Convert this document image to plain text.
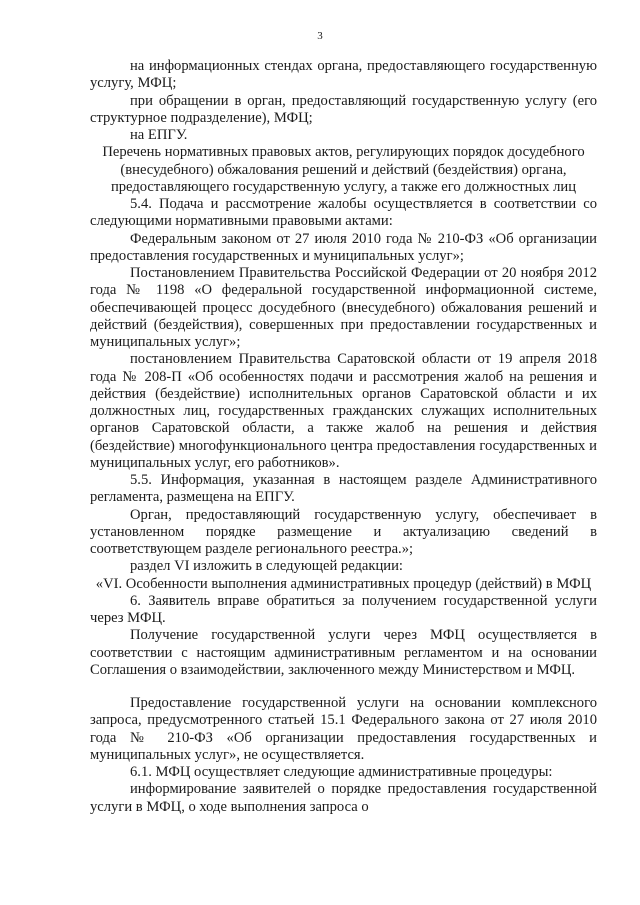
3

на информационных стендах органа, предоставляющего государственную услугу, МФЦ;

при обращении в орган, предоставляющий государственную услугу (его структурное подразделение), МФЦ;

на ЕПГУ.

Перечень нормативных правовых актов, регулирующих порядок досудебного (внесудебного) обжалования решений и действий (бездействия) органа, предоставляющего государственную услугу, а также его должностных лиц

5.4. Подача и рассмотрение жалобы осуществляется в соответствии со следующими нормативными правовыми актами:

Федеральным законом от 27 июля 2010 года № 210-ФЗ «Об организации предоставления государственных и муниципальных услуг»;

Постановлением Правительства Российской Федерации от 20 ноября 2012 года № 1198 «О федеральной государственной информационной системе, обеспечивающей процесс досудебного (внесудебного) обжалования решений и действий (бездействия), совершенных при предоставлении государственных и муниципальных услуг»;

постановлением Правительства Саратовской области от 19 апреля 2018 года № 208-П «Об особенностях подачи и рассмотрения жалоб на решения и действия (бездействие) исполнительных органов Саратовской области и их должностных лиц, государственных гражданских служащих исполнительных органов Саратовской области, а также жалоб на решения и действия (бездействие) многофункционального центра предоставления государственных и муниципальных услуг, его работников».

5.5. Информация, указанная в настоящем разделе Административного регламента, размещена на ЕПГУ.

Орган, предоставляющий государственную услугу, обеспечивает в установленном порядке размещение и актуализацию сведений в соответствующем разделе регионального реестра.»;

раздел VI изложить в следующей редакции:

«VI. Особенности выполнения административных процедур (действий) в МФЦ

6. Заявитель вправе обратиться за получением государственной услуги через МФЦ.

Получение государственной услуги через МФЦ осуществляется в соответствии с настоящим административным регламентом и на основании Соглашения о взаимодействии, заключенного между Министерством и МФЦ.

Предоставление государственной услуги на основании комплексного запроса, предусмотренного статьей 15.1 Федерального закона от 27 июля 2010 года № 210-ФЗ «Об организации предоставления государственных и муниципальных услуг», не осуществляется.

6.1. МФЦ осуществляет следующие административные процедуры:

информирование заявителей о порядке предоставления государственной услуги в МФЦ, о ходе выполнения запроса о
